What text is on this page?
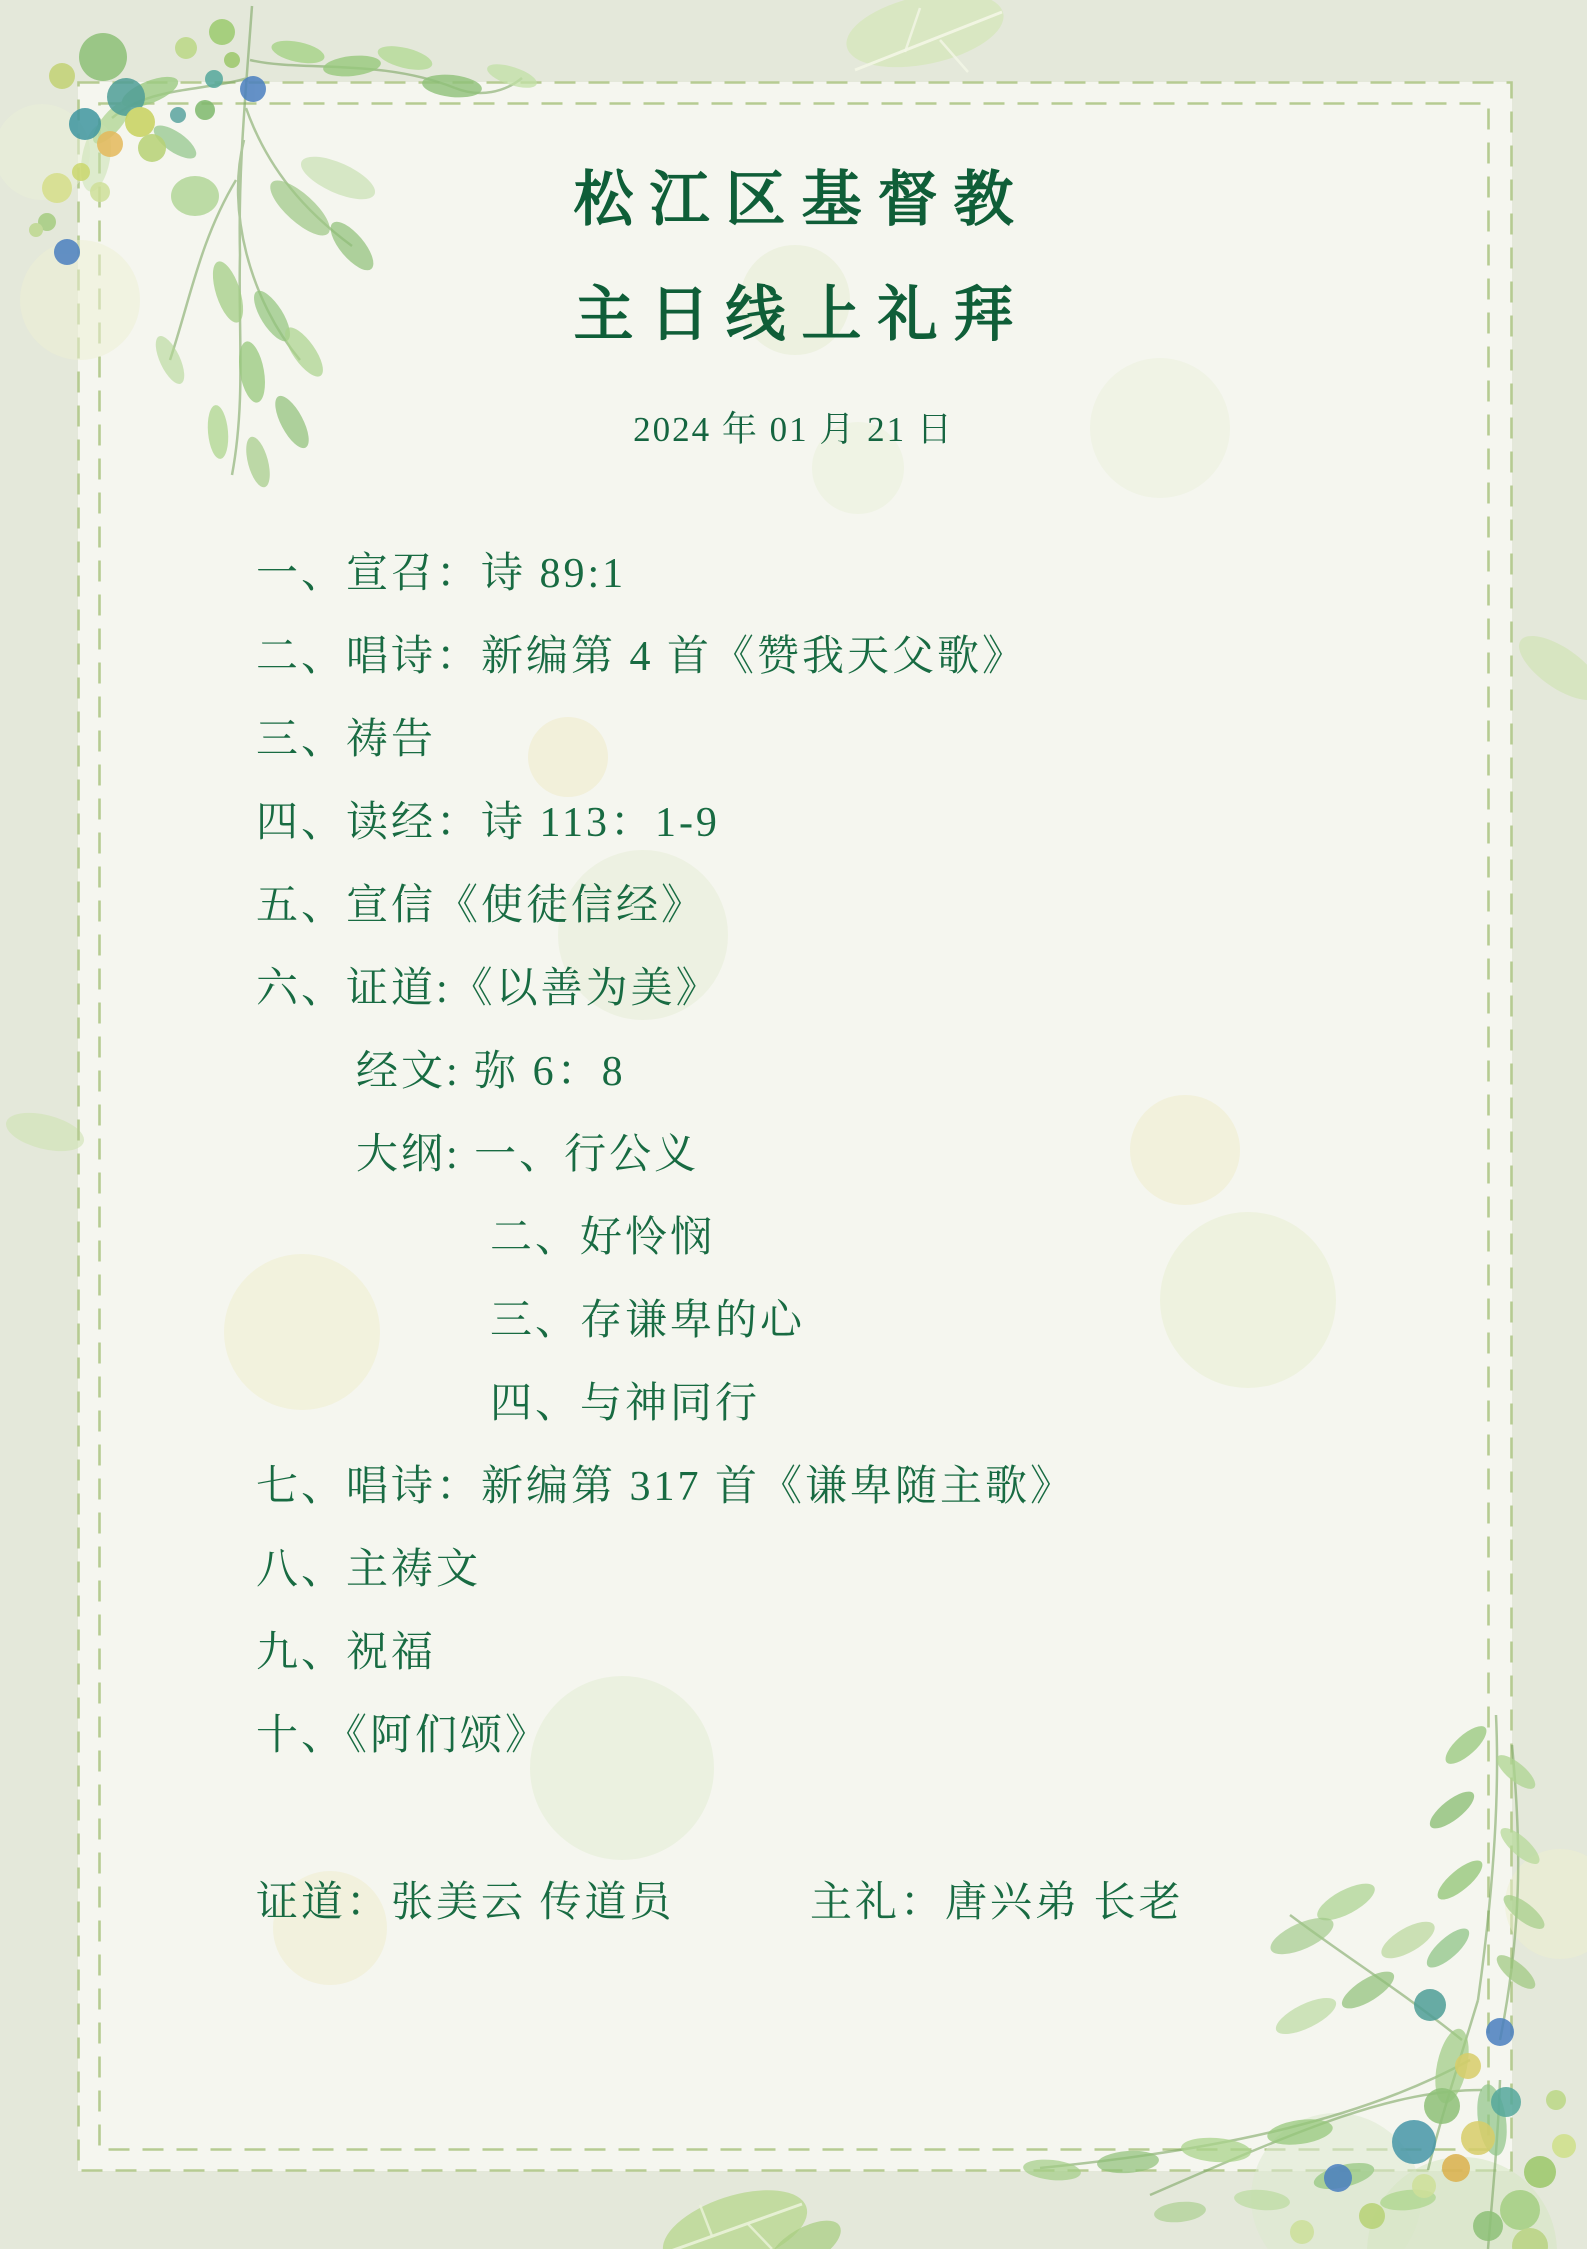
松江区基督教
主日线上礼拜
2024 年 01 月 21 日
一、宣召：诗 89:1
二、唱诗：新编第 4 首《赞我天父歌》
三、祷告
四、读经：诗 113：1-9
五、宣信《使徒信经》
六、证道:《以善为美》
经文: 弥 6：8
大纲: 一、行公义
二、好怜悯
三、存谦卑的心
四、与神同行
七、唱诗：新编第 317 首《谦卑随主歌》
八、主祷文
九、祝福
十、《阿们颂》
证道：张美云 传道员	主礼：唐兴弟 长老
